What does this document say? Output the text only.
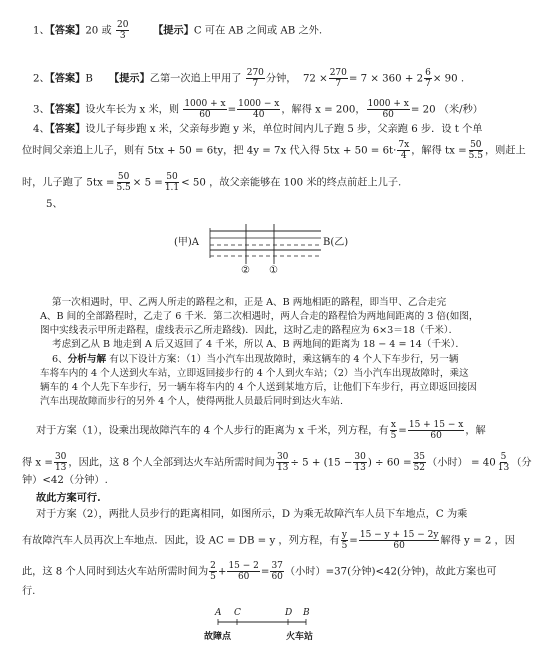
1、【答案】20 或 $\frac{20}{3}$ 【提示】C 可在 AB 之间或 AB 之外.
2、【答案】B 【提示】乙第一次追上甲用了 $\frac{270}{7}$ 分钟， $72 \times \frac{270}{7} = 7 \times 360 + 2 \frac{6}{7} \times 90$ .
3、【答案】设火车长为 x 米，则 $\frac{1000 + x}{60} = \frac{1000 - x}{40}$ ，解得 x = 200， $\frac{1000 + x}{60} = 20$ （米/秒）
4、【答案】设儿子每步跑 x 米，父亲每步跑 y 米，单位时间内儿子跑 5 步，父亲跑 6 步．设 t 个单
位时间父亲追上儿子，则有 5tx + 50 = 6ty，把 4y = 7x 代入得 $5tx + 50 = 6t\cdot \frac{7x}{4}$ ，解得 tx = $\frac{50}{5.5}$ ，则赶上
时，儿子跑了 $5tx = \frac{50}{5.5} \times 5 = \frac{50}{1.1} < 50$ ，故父亲能够在 100 米的终点前赶上儿子.
5、
(甲)A	B(乙)
② ①
第一次相遇时，甲、乙两人所走的路程之和，正是 A、B 两地相距的路程，即当甲、乙合走完
A、B 间的全部路程时，乙走了 6 千米．第二次相遇时，两人合走的路程恰为两地间距离的 3 倍(如图，
图中实线表示甲所走路程，虚线表示乙所走路线)．因此，这时乙走的路程应为 6×3＝18（千米）．
考虑到乙从 B 地走到 A 后又返回了 4 千米，所以 A、B 两地间的距离为 18 − 4 = 14（千米）．
6、分析与解 有以下设计方案：（1）当小汽车出现故障时，乘这辆车的 4 个人下车步行，另一辆
车将车内的 4 个人送到火车站，立即返回接步行的 4 个人到火车站；（2）当小汽车出现故障时，乘这
辆车的 4 个人先下车步行，另一辆车将车内的 4 个人送到某地方后，让他们下车步行，再立即返回接因
汽车出现故障而步行的另外 4 个人，使得两批人员最后同时到达火车站.
对于方案（1），设乘出现故障汽车的 4 个人步行的距离为 x 千米，列方程，有 $\frac{x}{5} = \frac{15 + 15 - x}{60}$ ，解
得 $x = \frac{30}{13}$ ，因此，这 8 个人全部到达火车站所需时间为 $\frac{30}{13} \div 5 + (15 - \frac{30}{13}$ ) ÷ $60 = \frac{35}{52}$ （小时） = $40 \frac{5}{13}$ （分
钟）<42（分钟）.
故此方案可行.
对于方案（2），两批人员步行的距离相同，如图所示，D 为乘无故障汽车人员下车地点，C 为乘
有故障汽车人员再次上车地点．因此，设 AC = DB = y ，列方程，有 $\frac{y}{5} = \frac{15 - y + 15 - 2y}{60}$ 解得 y = 2 ，因
此，这 8 个人同时到达火车站所需时间为 $\frac{2}{5} + \frac{15 - 2}{60} = \frac{37}{60}$ （小时）=37(分钟)<42(分钟)，故此方案也可
行.
A C	D B
故障点	火车站
